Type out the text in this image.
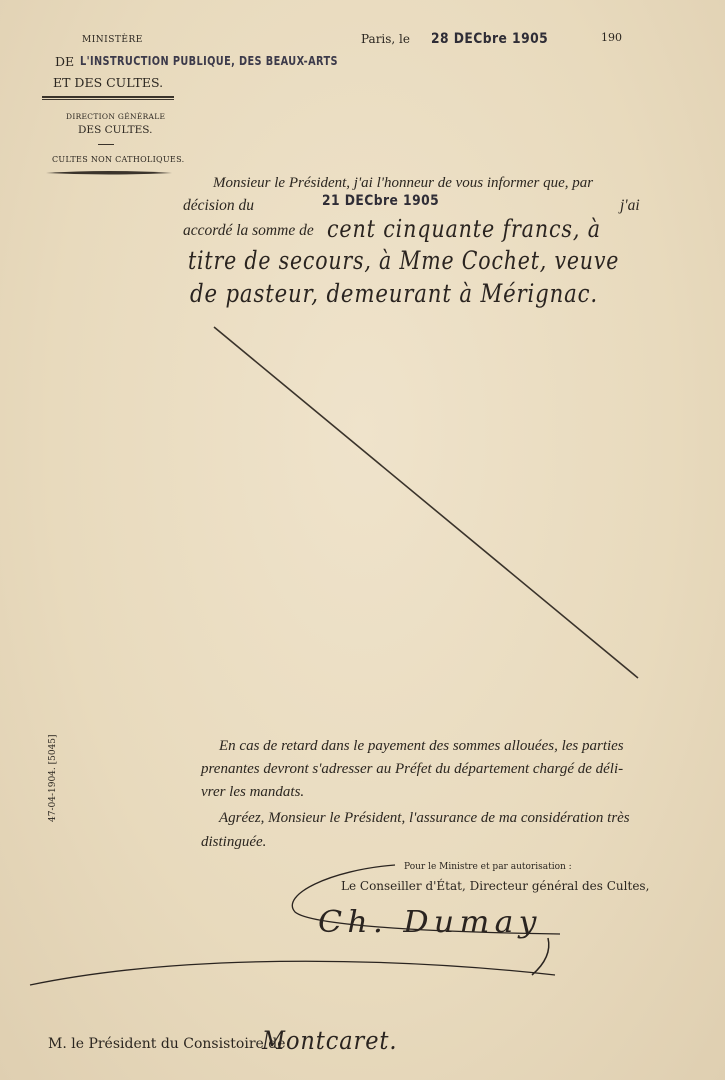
MINISTÈRE
DE L'INSTRUCTION PUBLIQUE, DES BEAUX-ARTS
ET DES CULTES.
DIRECTION GÉNÉRALE
DES CULTES.
CULTES NON CATHOLIQUES.
Paris, le 28 DECbre 1905	190
Monsieur le Président, j'ai l'honneur de vous informer que, par
décision du	21 DECbre 1905	j'ai
accordé la somme de cent cinquante francs, à
titre de secours, à Mme Cochet, veuve
de pasteur, demeurant à Mérignac.
En cas de retard dans le payement des sommes allouées, les parties
prenantes devront s'adresser au Préfet du département chargé de déli-
vrer les mandats.
Agréez, Monsieur le Président, l'assurance de ma considération très
distinguée.
Pour le Ministre et par autorisation :
Le Conseiller d'État, Directeur général des Cultes,
Ch. Dumay
47-04-1904. [5045]
M. le Président du Consistoire de
Montcaret.
